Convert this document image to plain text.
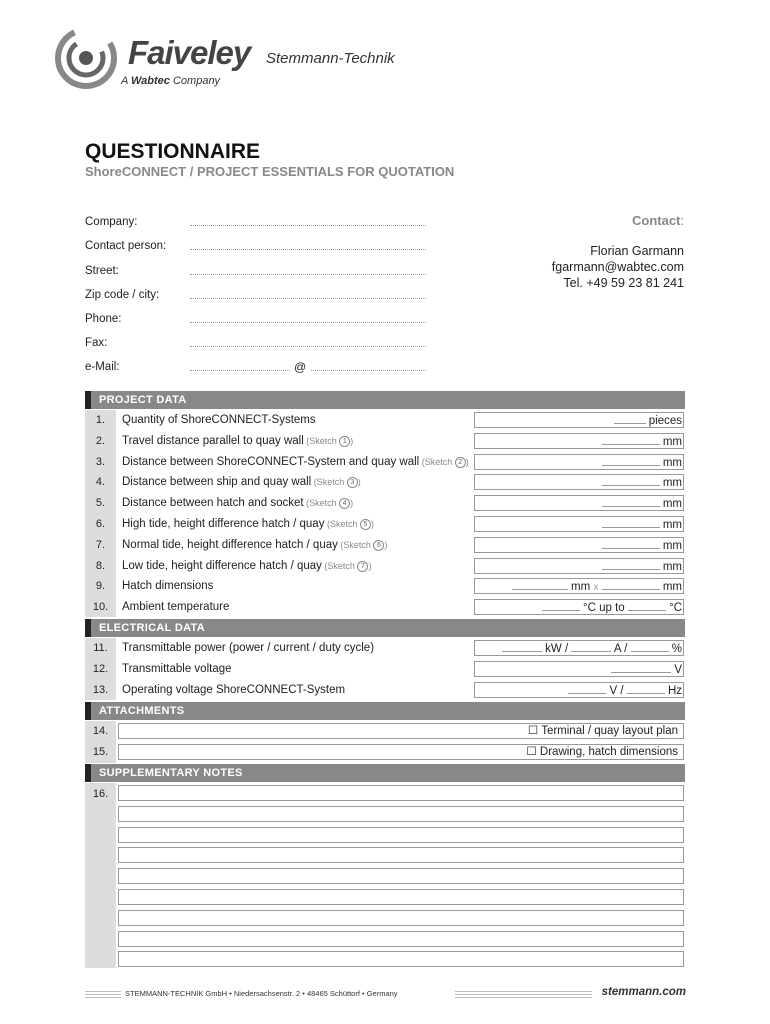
Faiveley Stemmann-Technik
A Wabtec Company
QUESTIONNAIRE
ShoreCONNECT / PROJECT ESSENTIALS FOR QUOTATION
Company:
Contact person:
Street:
Zip code / city:
Phone:
Fax:
e-Mail:	@
Contact:
Florian Garmann
fgarmann@wabtec.com
Tel. +49 59 23 81 241
PROJECT DATA
1.	Quantity of ShoreCONNECT-Systems	pieces
2.	Travel distance parallel to quay wall (Sketch 1 )	mm
3.	Distance between ShoreCONNECT-System and quay wall (Sketch 2 )	mm
4.	Distance between ship and quay wall (Sketch 3 )	mm
5.	Distance between hatch and socket (Sketch 4 )	mm
6.	High tide, height difference hatch / quay (Sketch 5 )	mm
7.	Normal tide, height difference hatch / quay (Sketch 6 )	mm
8.	Low tide, height difference hatch / quay (Sketch 7 )	mm
9.	Hatch dimensions	mm x	mm
10.	Ambient temperature	°C up to	°C
ELECTRICAL DATA
11.	Transmittable power (power / current / duty cycle)	kW /	A /	%
12.	Transmittable voltage	V
13.	Operating voltage ShoreCONNECT-System	V /	Hz
ATTACHMENTS
14.	☐ Terminal / quay layout plan
15.	☐ Drawing, hatch dimensions
SUPPLEMENTARY NOTES
16.
STEMMANN-TECHNIK GmbH • Niedersachsenstr. 2 • 48465 Schüttorf • Germany	stemmann.com
